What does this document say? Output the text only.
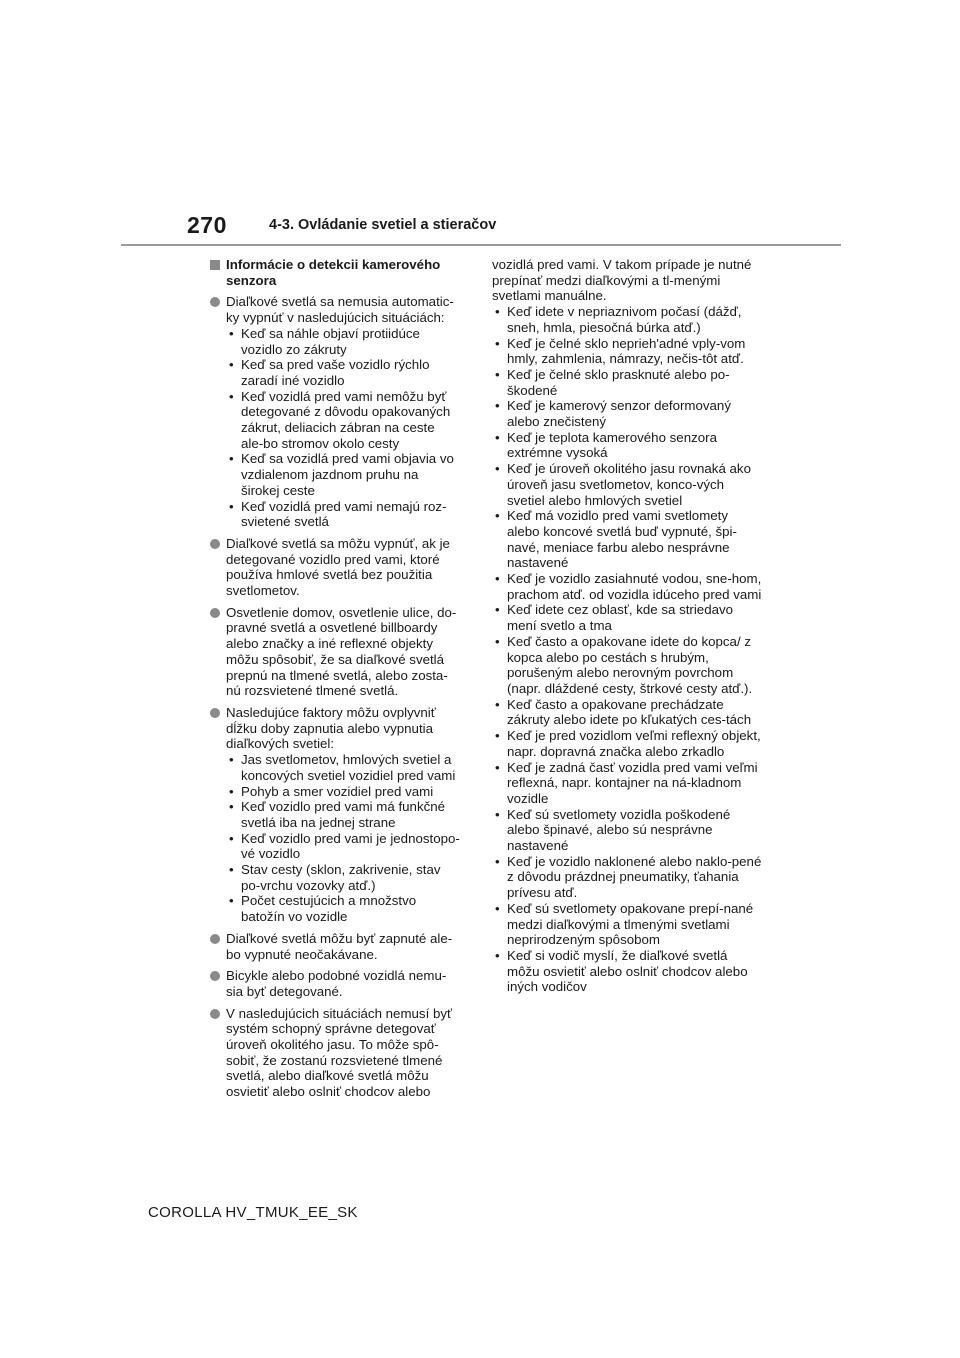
270	4-3. Ovládanie svetiel a stieračov
Informácie o detekcii kamerového senzora
Diaľkové svetlá sa nemusia automatic-ky vypnúť v nasledujúcich situáciách:
• Keď sa náhle objaví protiidúce vozidlo zo zákruty
• Keď sa pred vaše vozidlo rýchlo zaradí iné vozidlo
• Keď vozidlá pred vami nemôžu byť detegované z dôvodu opakovaných zákrut, deliacich zábran na ceste ale-bo stromov okolo cesty
• Keď sa vozidlá pred vami objavia vo vzdialenom jazdnom pruhu na širokej ceste
• Keď vozidlá pred vami nemajú roz-svietené svetlá
Diaľkové svetlá sa môžu vypnúť, ak je detegované vozidlo pred vami, ktoré používa hmlové svetlá bez použitia svetlometov.
Osvetlenie domov, osvetlenie ulice, do-pravné svetlá a osvetlené billboardy alebo značky a iné reflexné objekty môžu spôsobiť, že sa diaľkové svetlá prepnú na tlmené svetlá, alebo zosta-nú rozsvietené tlmené svetlá.
Nasledujúce faktory môžu ovplyvniť dĺžku doby zapnutia alebo vypnutia diaľkových svetiel:
• Jas svetlometov, hmlových svetiel a koncových svetiel vozidiel pred vami
• Pohyb a smer vozidiel pred vami
• Keď vozidlo pred vami má funkčné svetlá iba na jednej strane
• Keď vozidlo pred vami je jednostopo-vé vozidlo
• Stav cesty (sklon, zakrivenie, stav po-vrchu vozovky atď.)
• Počet cestujúcich a množstvo batožín vo vozidle
Diaľkové svetlá môžu byť zapnuté ale-bo vypnuté neočakávane.
Bicykle alebo podobné vozidlá nemu-sia byť detegované.
V nasledujúcich situáciách nemusí byť systém schopný správne detegovať úroveň okolitého jasu. To môže spô-sobiť, že zostanú rozsvietené tlmené svetlá, alebo diaľkové svetlá môžu osvietiť alebo oslniť chodcov alebo
vozidlá pred vami. V takom prípade je nutné prepínať medzi diaľkovými a tl-menými svetlami manuálne.
• Keď idete v nepriaznivom počasí (dážď, sneh, hmla, piesočná búrka atď.)
• Keď je čelné sklo neprieh'adné vply-vom hmly, zahmlenia, námrazy, nečis-tôt atď.
• Keď je čelné sklo prasknuté alebo po-škodené
• Keď je kamerový senzor deformovaný alebo znečistený
• Keď je teplota kamerového senzora extrémne vysoká
• Keď je úroveň okolitého jasu rovnaká ako úroveň jasu svetlometov, konco-vých svetiel alebo hmlových svetiel
• Keď má vozidlo pred vami svetlomety alebo koncové svetlá buď vypnuté, špi-navé, meniace farbu alebo nesprávne nastavené
• Keď je vozidlo zasiahnuté vodou, sne-hom, prachom atď. od vozidla idúceho pred vami
• Keď idete cez oblasť, kde sa striedavo mení svetlo a tma
• Keď často a opakovane idete do kopca/ z kopca alebo po cestách s hrubým, porušeným alebo nerovným povrchom (napr. dláždené cesty, štrkové cesty atď.).
• Keď často a opakovane prechádzate zákruty alebo idete po kľukatých ces-tách
• Keď je pred vozidlom veľmi reflexný objekt, napr. dopravná značka alebo zrkadlo
• Keď je zadná časť vozidla pred vami veľmi reflexná, napr. kontajner na ná-kladnom vozidle
• Keď sú svetlomety vozidla poškodené alebo špinavé, alebo sú nesprávne nastavené
• Keď je vozidlo naklonené alebo naklo-pené z dôvodu prázdnej pneumatiky, ťahania prívesu atď.
• Keď sú svetlomety opakovane prepí-nané medzi diaľkovými a tlmenými svetlami neprirodzeným spôsobom
• Keď si vodič myslí, že diaľkové svetlá môžu osvietiť alebo oslniť chodcov alebo iných vodičov
COROLLA HV_TMUK_EE_SK
